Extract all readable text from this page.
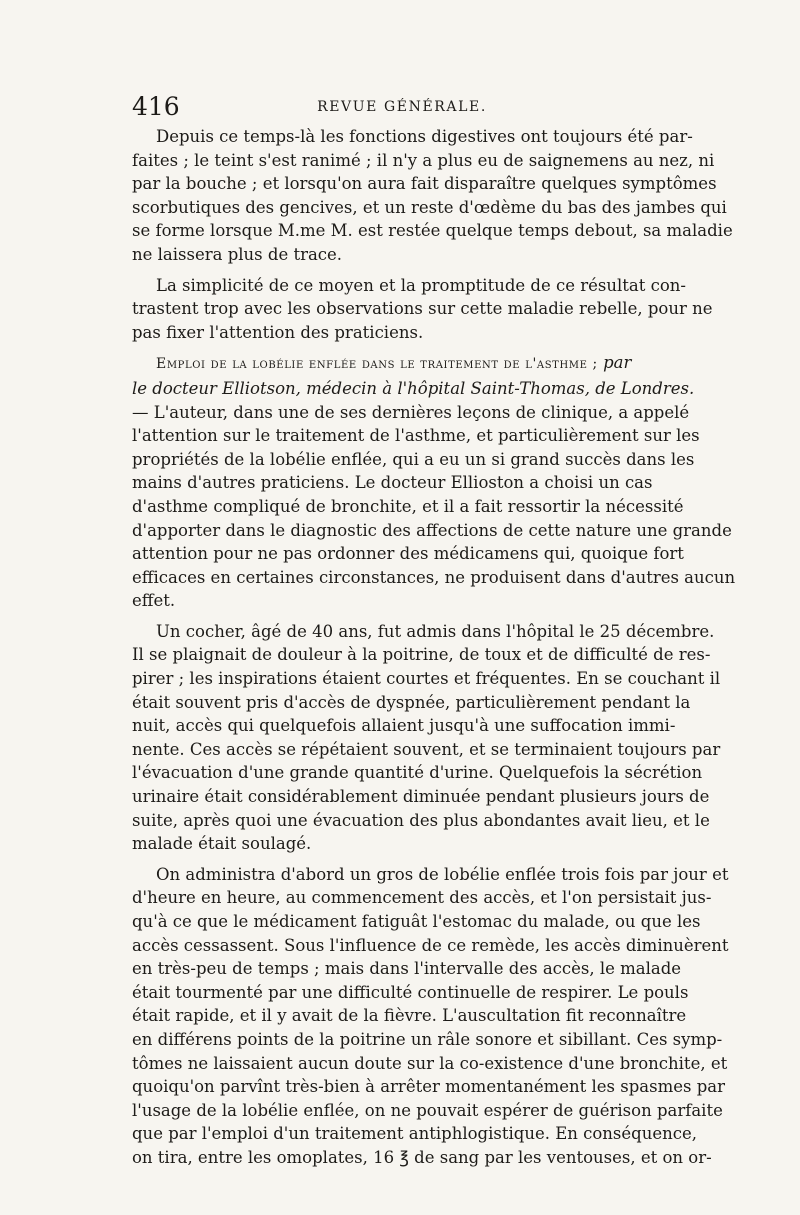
416	REVUE GÉNÉRALE.

Depuis ce temps-là les fonctions digestives ont toujours été par-
faites ; le teint s'est ranimé ; il n'y a plus eu de saignemens au nez, ni
par la bouche ; et lorsqu'on aura fait disparaître quelques symptômes
scorbutiques des gencives, et un reste d'œdème du bas des jambes qui
se forme lorsque M.me M. est restée quelque temps debout, sa maladie
ne laissera plus de trace.

La simplicité de ce moyen et la promptitude de ce résultat con-
trastent trop avec les observations sur cette maladie rebelle, pour ne
pas fixer l'attention des praticiens.

Emploi de la lobélie enflée dans le traitement de l'asthme ; par
le docteur Elliotson, médecin à l'hôpital Saint-Thomas, de Londres.
— L'auteur, dans une de ses dernières leçons de clinique, a appelé
l'attention sur le traitement de l'asthme, et particulièrement sur les
propriétés de la lobélie enflée, qui a eu un si grand succès dans les
mains d'autres praticiens. Le docteur Ellioston a choisi un cas
d'asthme compliqué de bronchite, et il a fait ressortir la nécessité
d'apporter dans le diagnostic des affections de cette nature une grande
attention pour ne pas ordonner des médicamens qui, quoique fort
efficaces en certaines circonstances, ne produisent dans d'autres aucun
effet.

Un cocher, âgé de 40 ans, fut admis dans l'hôpital le 25 décembre.
Il se plaignait de douleur à la poitrine, de toux et de difficulté de res-
pirer ; les inspirations étaient courtes et fréquentes. En se couchant il
était souvent pris d'accès de dyspnée, particulièrement pendant la
nuit, accès qui quelquefois allaient jusqu'à une suffocation immi-
nente. Ces accès se répétaient souvent, et se terminaient toujours par
l'évacuation d'une grande quantité d'urine. Quelquefois la sécrétion
urinaire était considérablement diminuée pendant plusieurs jours de
suite, après quoi une évacuation des plus abondantes avait lieu, et le
malade était soulagé.

On administra d'abord un gros de lobélie enflée trois fois par jour et
d'heure en heure, au commencement des accès, et l'on persistait jus-
qu'à ce que le médicament fatiguât l'estomac du malade, ou que les
accès cessassent. Sous l'influence de ce remède, les accès diminuèrent
en très-peu de temps ; mais dans l'intervalle des accès, le malade
était tourmenté par une difficulté continuelle de respirer. Le pouls
était rapide, et il y avait de la fièvre. L'auscultation fit reconnaître
en différens points de la poitrine un râle sonore et sibillant. Ces symp-
tômes ne laissaient aucun doute sur la co-existence d'une bronchite, et
quoiqu'on parvînt très-bien à arrêter momentanément les spasmes par
l'usage de la lobélie enflée, on ne pouvait espérer de guérison parfaite
que par l'emploi d'un traitement antiphlogistique. En conséquence,
on tira, entre les omoplates, 16 ℥ de sang par les ventouses, et on or-
